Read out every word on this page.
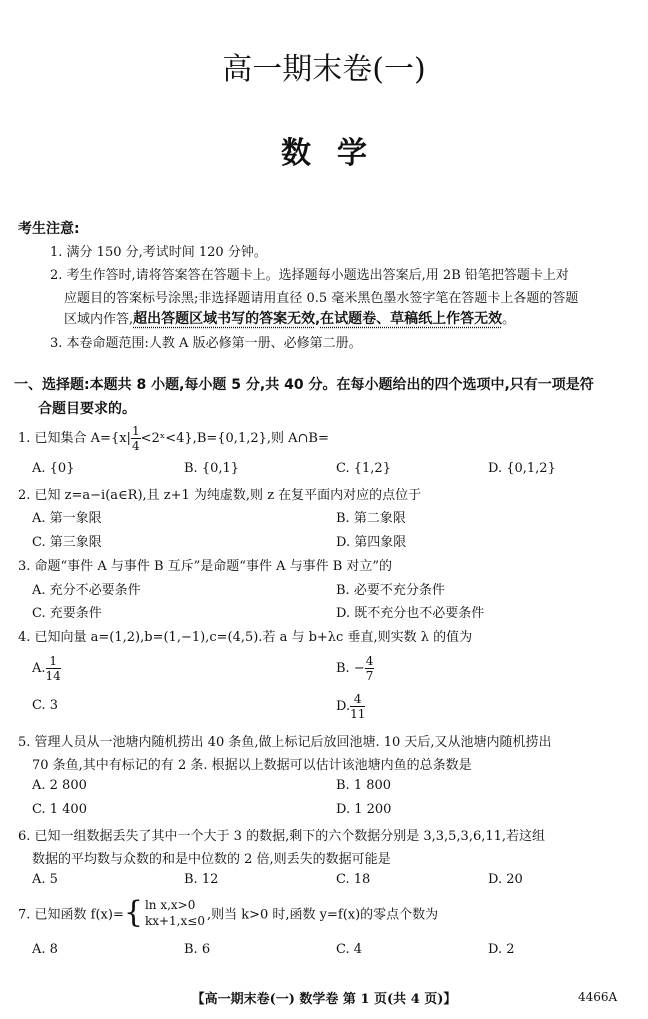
高一期末卷(一)
数学
考生注意:
1. 满分 150 分,考试时间 120 分钟。
2. 考生作答时,请将答案答在答题卡上。选择题每小题选出答案后,用 2B 铅笔把答题卡上对
应题目的答案标号涂黑;非选择题请用直径 0.5 毫米黑色墨水签字笔在答题卡上各题的答题
区域内作答,超出答题区域书写的答案无效,在试题卷、草稿纸上作答无效。
3. 本卷命题范围:人教 A 版必修第一册、必修第二册。
一、选择题:本题共 8 小题,每小题 5 分,共 40 分。在每小题给出的四个选项中,只有一项是符
合题目要求的。
1. 已知集合 $A=\{x| \frac{1}{4}$ <2ˣ<4},B={0,1,2},则 A∩B=
A. {0}	B. {0,1}	C. {1,2}	D. {0,1,2}
2. 已知 z=a−i(a∈R),且 z+1 为纯虚数,则 z 在复平面内对应的点位于
A. 第一象限	B. 第二象限
C. 第三象限	D. 第四象限
3. 命题“事件 A 与事件 B 互斥”是命题“事件 A 与事件 B 对立”的
A. 充分不必要条件	B. 必要不充分条件
C. 充要条件	D. 既不充分也不必要条件
4. 已知向量 a=(1,2),b=(1,−1),c=(4,5).若 a 与 b+λc 垂直,则实数 λ 的值为
A. $\frac{1}{14}$	B. − $\frac{4}{7}$
C. 3	D. $\frac{4}{11}$
5. 管理人员从一池塘内随机捞出 40 条鱼,做上标记后放回池塘. 10 天后,又从池塘内随机捞出
70 条鱼,其中有标记的有 2 条. 根据以上数据可以估计该池塘内鱼的总条数是
A. 2 800	B. 1 800
C. 1 400	D. 1 200
6. 已知一组数据丢失了其中一个大于 3 的数据,剩下的六个数据分别是 3,3,5,3,6,11,若这组
数据的平均数与众数的和是中位数的 2 倍,则丢失的数据可能是
A. 5	B. 12	C. 18	D. 20
7. 已知函数 f(x)={ ln x,x>0
kx+1,x≤0 ,则当 k>0 时,函数 y=f(x)的零点个数为
A. 8	B. 6	C. 4	D. 2
【高一期末卷(一) 数学卷 第 1 页(共 4 页)】	4466A
